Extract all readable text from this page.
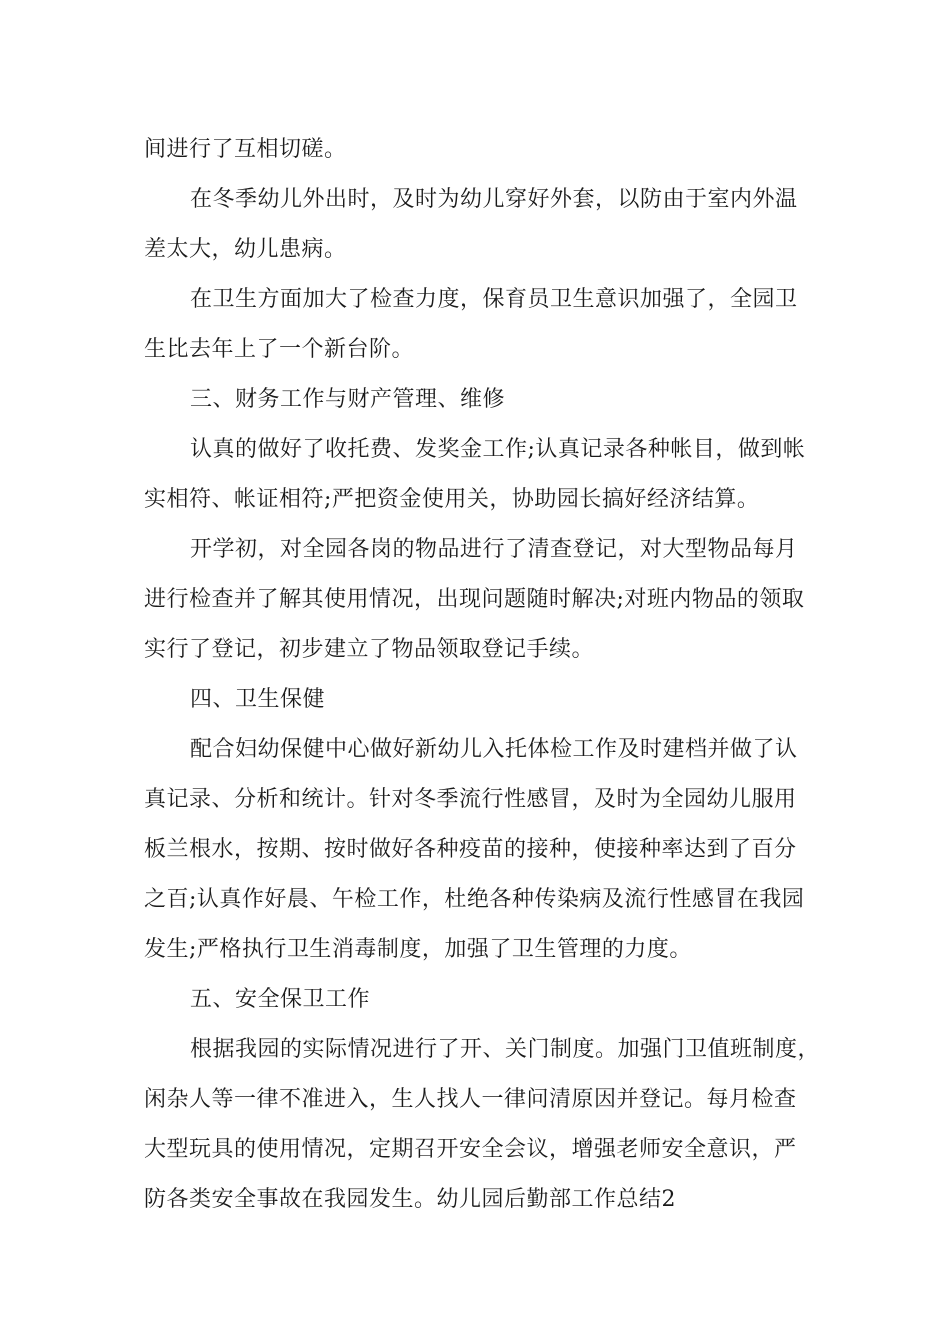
间进行了互相切磋。
在冬季幼儿外出时，及时为幼儿穿好外套，以防由于室内外温
差太大，幼儿患病。
在卫生方面加大了检查力度，保育员卫生意识加强了，全园卫
生比去年上了一个新台阶。
三、财务工作与财产管理、维修
认真的做好了收托费、发奖金工作;认真记录各种帐目，做到帐
实相符、帐证相符;严把资金使用关，协助园长搞好经济结算。
开学初，对全园各岗的物品进行了清查登记，对大型物品每月
进行检查并了解其使用情况，出现问题随时解决;对班内物品的领取
实行了登记，初步建立了物品领取登记手续。
四、卫生保健
配合妇幼保健中心做好新幼儿入托体检工作及时建档并做了认
真记录、分析和统计。针对冬季流行性感冒，及时为全园幼儿服用
板兰根水，按期、按时做好各种疫苗的接种，使接种率达到了百分
之百;认真作好晨、午检工作，杜绝各种传染病及流行性感冒在我园
发生;严格执行卫生消毒制度，加强了卫生管理的力度。
五、安全保卫工作
根据我园的实际情况进行了开、关门制度。加强门卫值班制度，
闲杂人等一律不准进入，生人找人一律问清原因并登记。每月检查
大型玩具的使用情况，定期召开安全会议，增强老师安全意识，严
防各类安全事故在我园发生。幼儿园后勤部工作总结2
